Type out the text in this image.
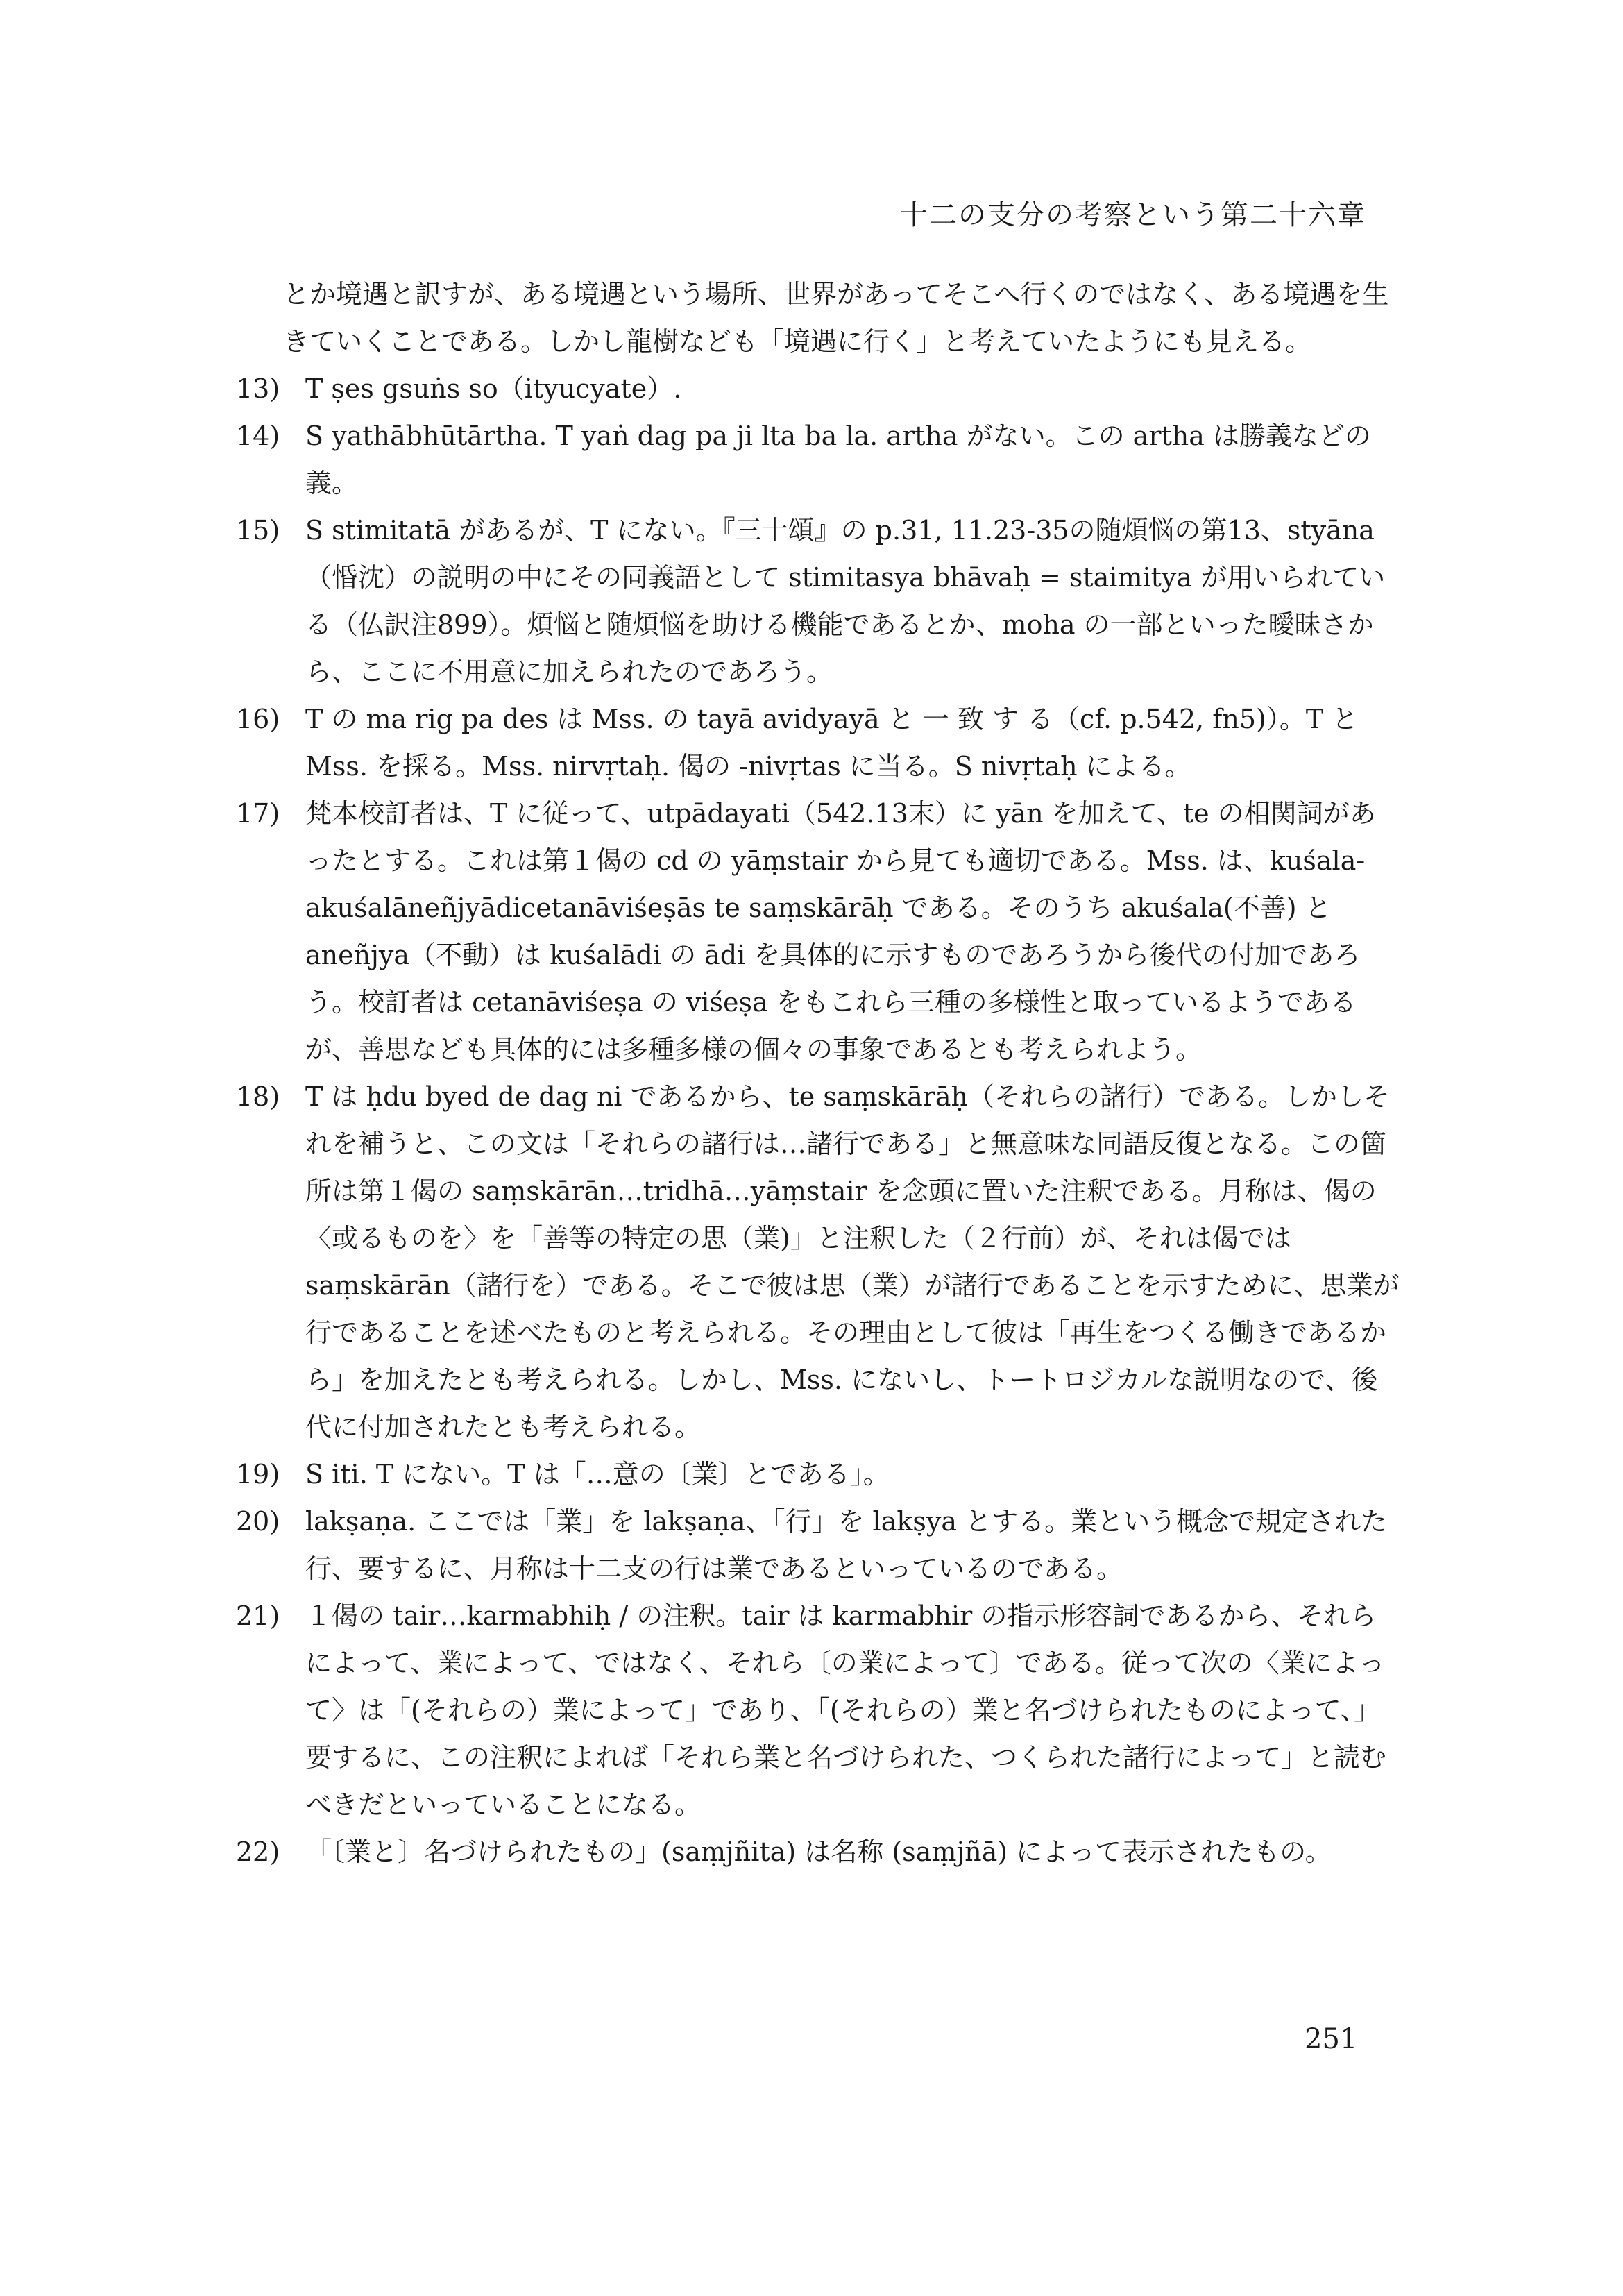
十二の支分の考察という第二十六章
とか境遇と訳すが、ある境遇という場所、世界があってそこへ行くのではなく、ある境遇を生きていくことである。しかし龍樹なども「境遇に行く」と考えていたようにも見える。
13) T ṣes gsuṅs so（ityucyate）.
14) S yathābhūtārtha. T yaṅ dag pa ji lta ba la. artha がない。この artha は勝義などの義。
15) S stimitatā があるが、T にない。『三十頌』の p.31, 11.23-35の随煩悩の第13、styāna（惛沈）の説明の中にその同義語として stimitasya bhāvaḥ = staimitya が用いられている（仏訳注899）。煩悩と随煩悩を助ける機能であるとか、moha の一部といった曖昧さから、ここに不用意に加えられたのであろう。
16) T の ma rig pa des は Mss. の tayā avidyayā と 一 致 す る（cf. p.542, fn5)）。T と Mss. を採る。Mss. nirvṛtaḥ. 偈の -nivṛtas に当る。S nivṛtaḥ による。
17) 梵本校訂者は、T に従って、utpādayati（542.13末）に yān を加えて、te の相関詞があったとする。これは第１偈の cd の yāṃstair から見ても適切である。Mss. は、kuśala-akuśalāneñjyādicetanāviśeṣās te saṃskārāḥ である。そのうち akuśala(不善) と aneñjya（不動）は kuśalādi の ādi を具体的に示すものであろうから後代の付加であろう。校訂者は cetanāviśeṣa の viśeṣa をもこれら三種の多様性と取っているようであるが、善思なども具体的には多種多様の個々の事象であるとも考えられよう。
18) T は ḥdu byed de dag ni であるから、te saṃskārāḥ（それらの諸行）である。しかしそれを補うと、この文は「それらの諸行は…諸行である」と無意味な同語反復となる。この箇所は第１偈の saṃskārān…tridhā…yāṃstair を念頭に置いた注釈である。月称は、偈の〈或るものを〉を「善等の特定の思（業)」と注釈した（２行前）が、それは偈では saṃskārān（諸行を）である。そこで彼は思（業）が諸行であることを示すために、思業が行であることを述べたものと考えられる。その理由として彼は「再生をつくる働きであるから」を加えたとも考えられる。しかし、Mss. にないし、トートロジカルな説明なので、後代に付加されたとも考えられる。
19) S iti. T にない。T は「…意の〔業〕とである」。
20) lakṣaṇa. ここでは「業」を lakṣaṇa、「行」を lakṣya とする。業という概念で規定された行、要するに、月称は十二支の行は業であるといっているのである。
21) １偈の tair…karmabhiḥ / の注釈。tair は karmabhir の指示形容詞であるから、それらによって、業によって、ではなく、それら〔の業によって〕である。従って次の〈業によって〉は「(それらの）業によって」であり、「(それらの）業と名づけられたものによって、」要するに、この注釈によれば「それら業と名づけられた、つくられた諸行によって」と読むべきだといっていることになる。
22) 「〔業と〕名づけられたもの」(saṃjñita) は名称 (saṃjñā) によって表示されたもの。
251
